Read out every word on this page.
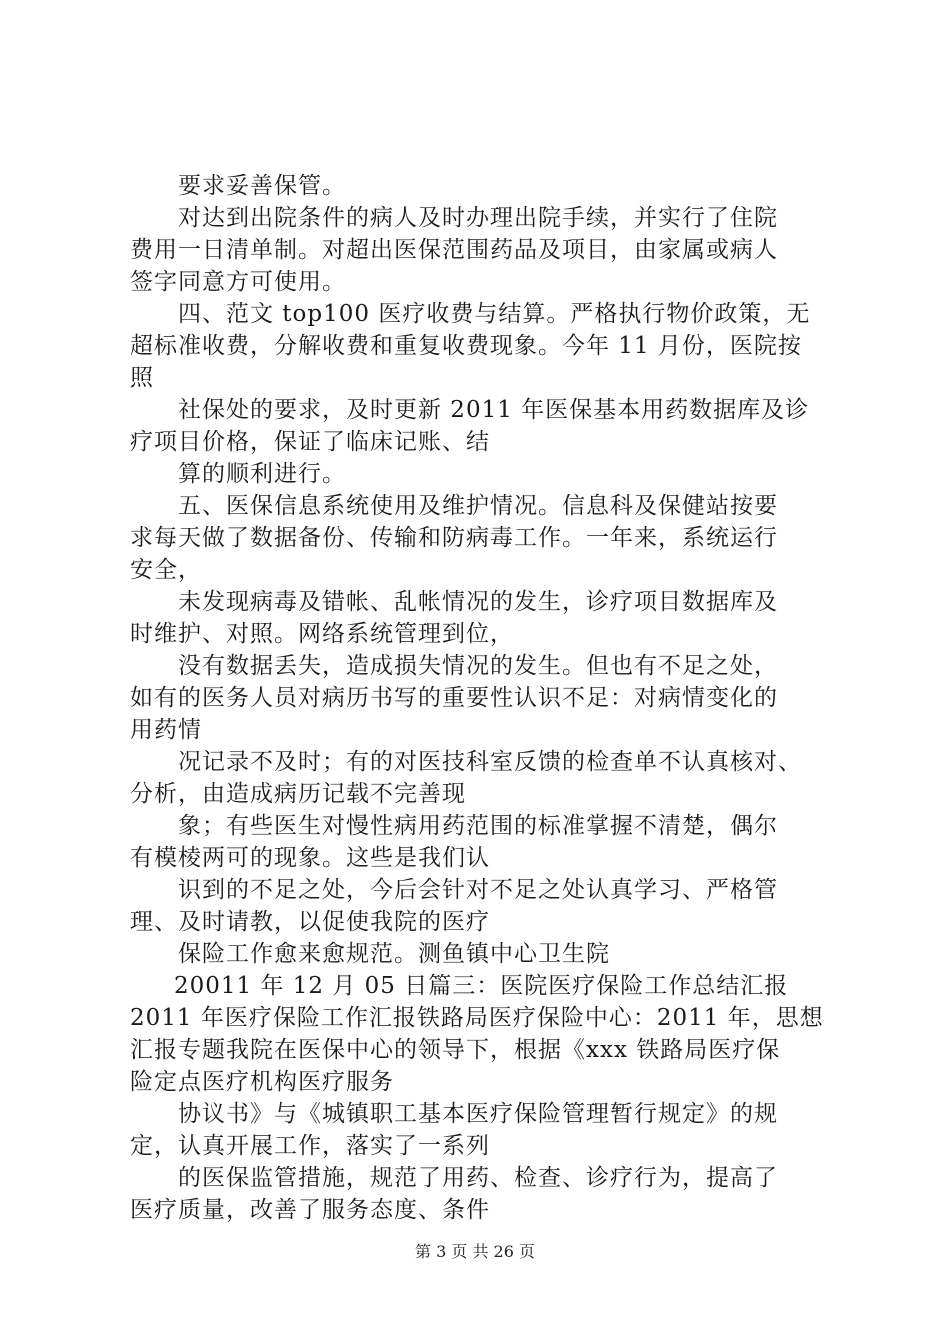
要求妥善保管。
对达到出院条件的病人及时办理出院手续，并实行了住院
费用一日清单制。对超出医保范围药品及项目，由家属或病人
签字同意方可使用。
四、范文 top100 医疗收费与结算。严格执行物价政策，无
超标准收费，分解收费和重复收费现象。今年 11 月份，医院按
照
社保处的要求，及时更新 2011 年医保基本用药数据库及诊
疗项目价格，保证了临床记账、结
算的顺利进行。
五、医保信息系统使用及维护情况。信息科及保健站按要
求每天做了数据备份、传输和防病毒工作。一年来，系统运行
安全，
未发现病毒及错帐、乱帐情况的发生，诊疗项目数据库及
时维护、对照。网络系统管理到位，
没有数据丢失，造成损失情况的发生。但也有不足之处，
如有的医务人员对病历书写的重要性认识不足：对病情变化的
用药情
况记录不及时；有的对医技科室反馈的检查单不认真核对、
分析，由造成病历记载不完善现
象；有些医生对慢性病用药范围的标准掌握不清楚，偶尔
有模棱两可的现象。这些是我们认
识到的不足之处，今后会针对不足之处认真学习、严格管
理、及时请教，以促使我院的医疗
保险工作愈来愈规范。测鱼镇中心卫生院
20011 年 12 月 05 日篇三：医院医疗保险工作总结汇报
2011 年医疗保险工作汇报铁路局医疗保险中心：2011 年，思想
汇报专题我院在医保中心的领导下，根据《xxx 铁路局医疗保
险定点医疗机构医疗服务
协议书》与《城镇职工基本医疗保险管理暂行规定》的规
定，认真开展工作，落实了一系列
的医保监管措施，规范了用药、检查、诊疗行为，提高了
医疗质量，改善了服务态度、条件
第 3 页 共 26 页
